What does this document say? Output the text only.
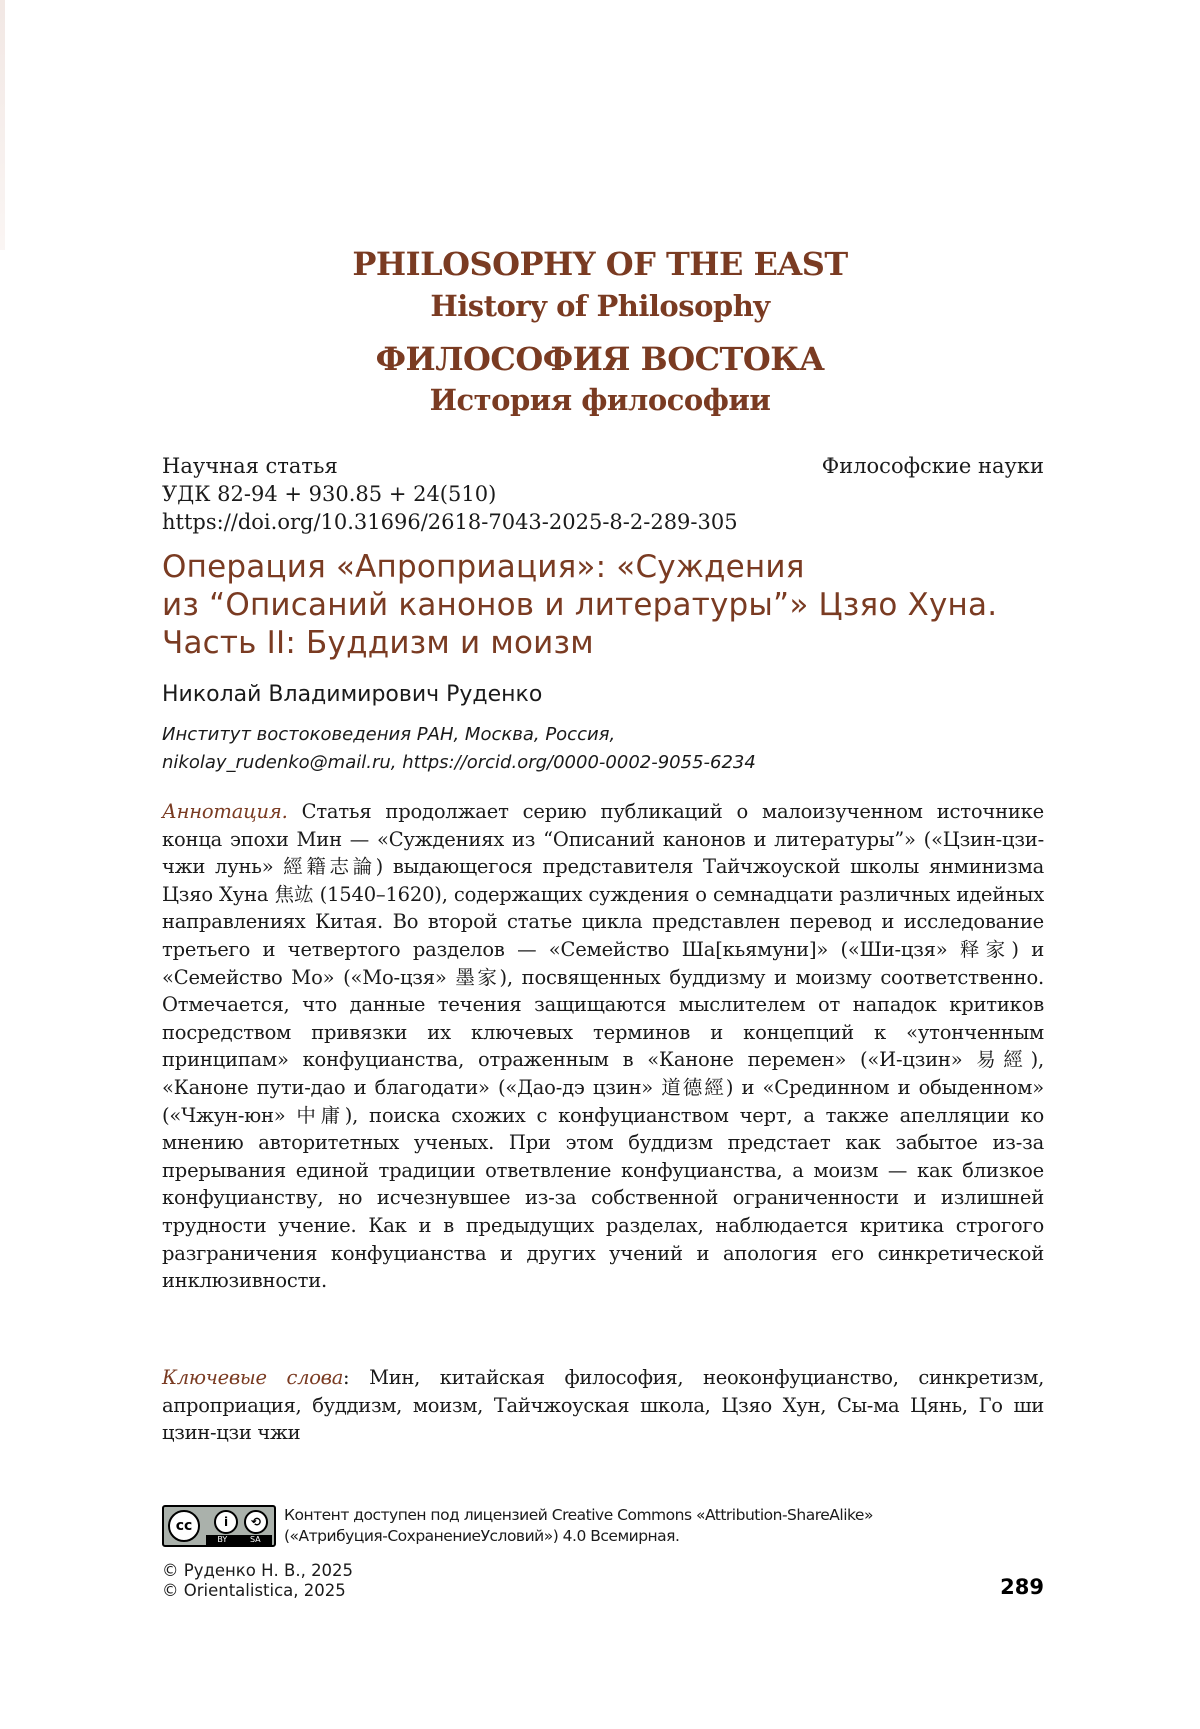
PHILOSOPHY OF THE EAST
History of Philosophy
ФИЛОСОФИЯ ВОСТОКА
История философии
Научная статья
УДК 82-94 + 930.85 + 24(510)
https://doi.org/10.31696/2618-7043-2025-8-2-289-305
Философские науки
Операция «Апроприация»: «Суждения
из “Описаний канонов и литературы”» Цзяо Хуна.
Часть II: Буддизм и моизм
Николай Владимирович Руденко
Институт востоковедения РАН, Москва, Россия,
nikolay_rudenko@mail.ru, https://orcid.org/0000-0002-9055-6234

Аннотация. Статья продолжает серию публикаций о малоизученном источнике конца эпохи Мин — «Суждениях из “Описаний канонов и литературы”» («Цзин-цзи-чжи лунь» 經籍志論) выдающегося представителя Тайчжоуской школы янминизма Цзяо Хуна 焦竑 (1540–1620), содержащих суждения о семнадцати различных идейных направлениях Китая. Во второй статье цикла представлен перевод и исследование третьего и четвертого разделов — «Семейство Ша[кьямуни]» («Ши-цзя» 释家) и «Семейство Мо» («Мо-цзя» 墨家), посвященных буддизму и моизму соответственно. Отмечается, что данные течения защищаются мыслителем от нападок критиков посредством привязки их ключевых терминов и концепций к «утонченным принципам» конфуцианства, отраженным в «Каноне перемен» («И-цзин» 易經), «Каноне пути-дао и благодати» («Дао-дэ цзин» 道德經) и «Срединном и обыденном» («Чжун-юн» 中庸), поиска схожих с конфуцианством черт, а также апелляции ко мнению авторитетных ученых. При этом буддизм предстает как забытое из-за прерывания единой традиции ответвление конфуцианства, а моизм — как близкое конфуцианству, но исчезнувшее из-за собственной ограниченности и излишней трудности учение. Как и в предыдущих разделах, наблюдается критика строгого разграничения конфуцианства и других учений и апология его синкретической инклюзивности.

Ключевые слова: Мин, китайская философия, неоконфуцианство, синкретизм, апроприация, буддизм, моизм, Тайчжоуская школа, Цзяо Хун, Сы-ма Цянь, Го ши цзин-цзи чжи

cc	i	⟲
BY	SA
Контент доступен под лицензией Creative Commons «Attribution-ShareAlike»
(«Атрибуция-СохранениеУсловий») 4.0 Всемирная.
© Руденко Н. В., 2025
© Orientalistica, 2025	289
